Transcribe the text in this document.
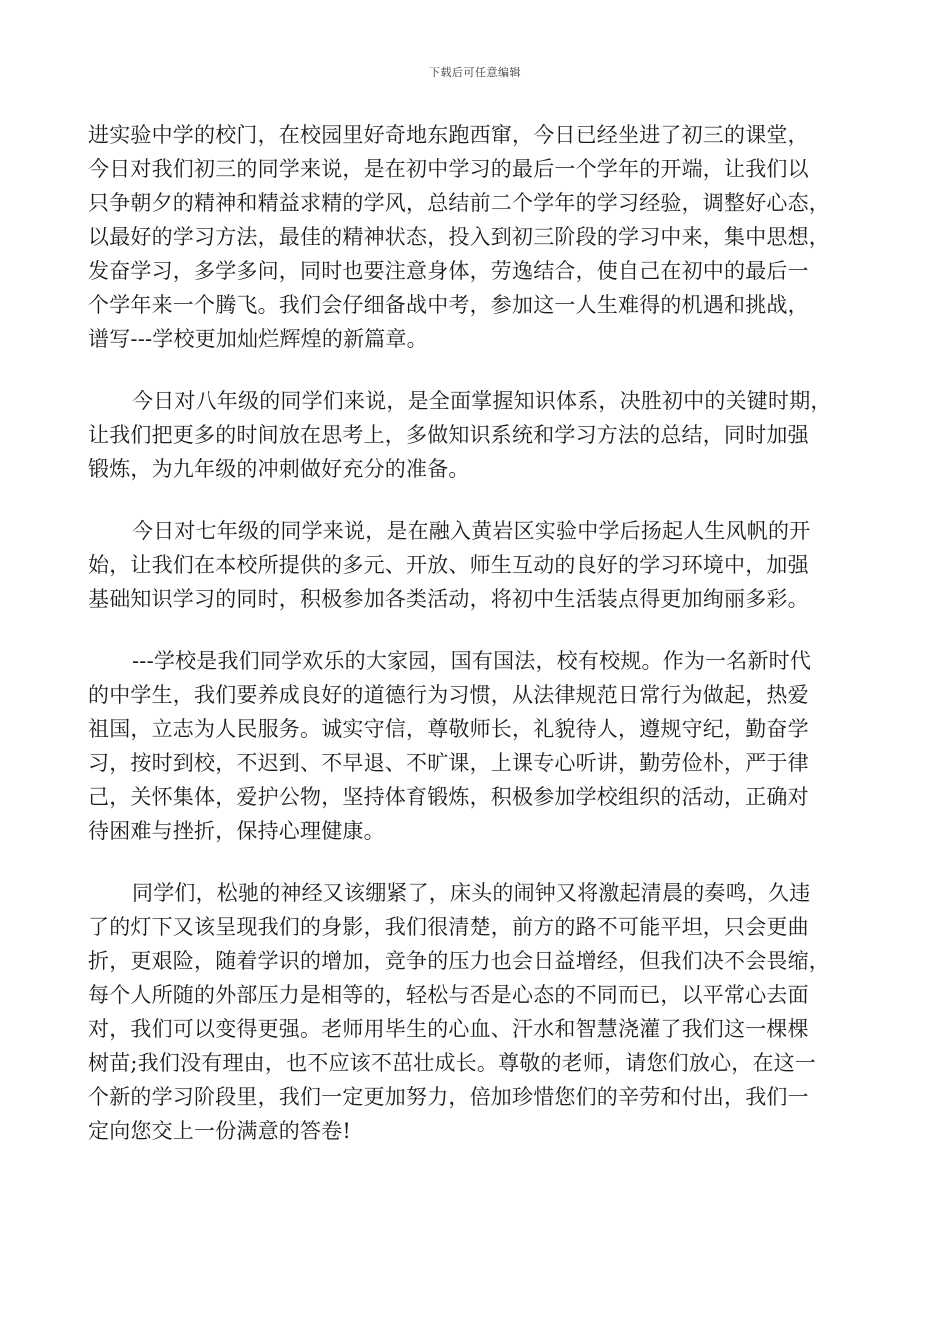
下载后可任意编辑
进实验中学的校门，在校园里好奇地东跑西窜，今日已经坐进了初三的课堂，
今日对我们初三的同学来说，是在初中学习的最后一个学年的开端，让我们以
只争朝夕的精神和精益求精的学风，总结前二个学年的学习经验，调整好心态，
以最好的学习方法，最佳的精神状态，投入到初三阶段的学习中来，集中思想，
发奋学习，多学多问，同时也要注意身体，劳逸结合，使自己在初中的最后一
个学年来一个腾飞。我们会仔细备战中考，参加这一人生难得的机遇和挑战，
谱写---学校更加灿烂辉煌的新篇章。
今日对八年级的同学们来说，是全面掌握知识体系，决胜初中的关键时期，
让我们把更多的时间放在思考上，多做知识系统和学习方法的总结，同时加强
锻炼，为九年级的冲刺做好充分的准备。
今日对七年级的同学来说，是在融入黄岩区实验中学后扬起人生风帆的开
始，让我们在本校所提供的多元、开放、师生互动的良好的学习环境中，加强
基础知识学习的同时，积极参加各类活动，将初中生活装点得更加绚丽多彩。
---学校是我们同学欢乐的大家园，国有国法，校有校规。作为一名新时代
的中学生，我们要养成良好的道德行为习惯，从法律规范日常行为做起，热爱
祖国，立志为人民服务。诚实守信，尊敬师长，礼貌待人，遵规守纪，勤奋学
习，按时到校，不迟到、不早退、不旷课，上课专心听讲，勤劳俭朴，严于律
己，关怀集体，爱护公物，坚持体育锻炼，积极参加学校组织的活动，正确对
待困难与挫折，保持心理健康。
同学们，松驰的神经又该绷紧了，床头的闹钟又将激起清晨的奏鸣，久违
了的灯下又该呈现我们的身影，我们很清楚，前方的路不可能平坦，只会更曲
折，更艰险，随着学识的增加，竞争的压力也会日益增经，但我们决不会畏缩，
每个人所随的外部压力是相等的，轻松与否是心态的不同而已，以平常心去面
对，我们可以变得更强。老师用毕生的心血、汗水和智慧浇灌了我们这一棵棵
树苗;我们没有理由，也不应该不茁壮成长。尊敬的老师，请您们放心，在这一
个新的学习阶段里，我们一定更加努力，倍加珍惜您们的辛劳和付出，我们一
定向您交上一份满意的答卷!
